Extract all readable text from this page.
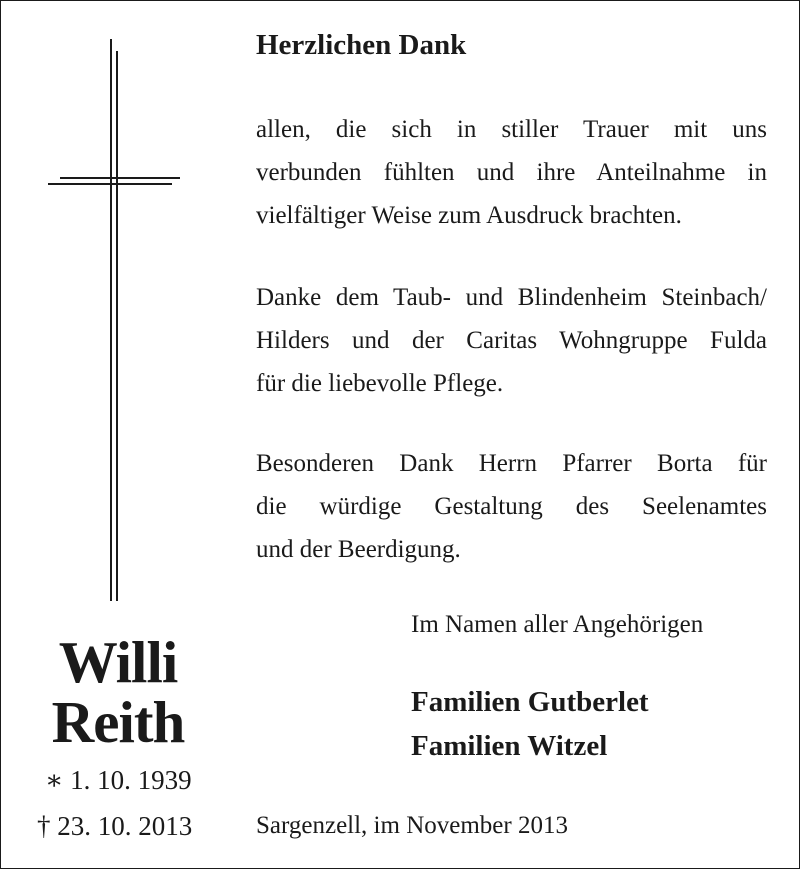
Willi
Reith
∗ 1. 10. 1939
† 23. 10. 2013
Herzlichen Dank

allen, die sich in stiller Trauer mit uns
verbunden fühlten und ihre Anteilnahme in
vielfältiger Weise zum Ausdruck brachten.

Danke dem Taub- und Blindenheim Steinbach/
Hilders und der Caritas Wohngruppe Fulda
für die liebevolle Pflege.

Besonderen Dank Herrn Pfarrer Borta für
die würdige Gestaltung des Seelenamtes
und der Beerdigung.

Im Namen aller Angehörigen
Familien Gutberlet
Familien Witzel
Sargenzell, im November 2013
